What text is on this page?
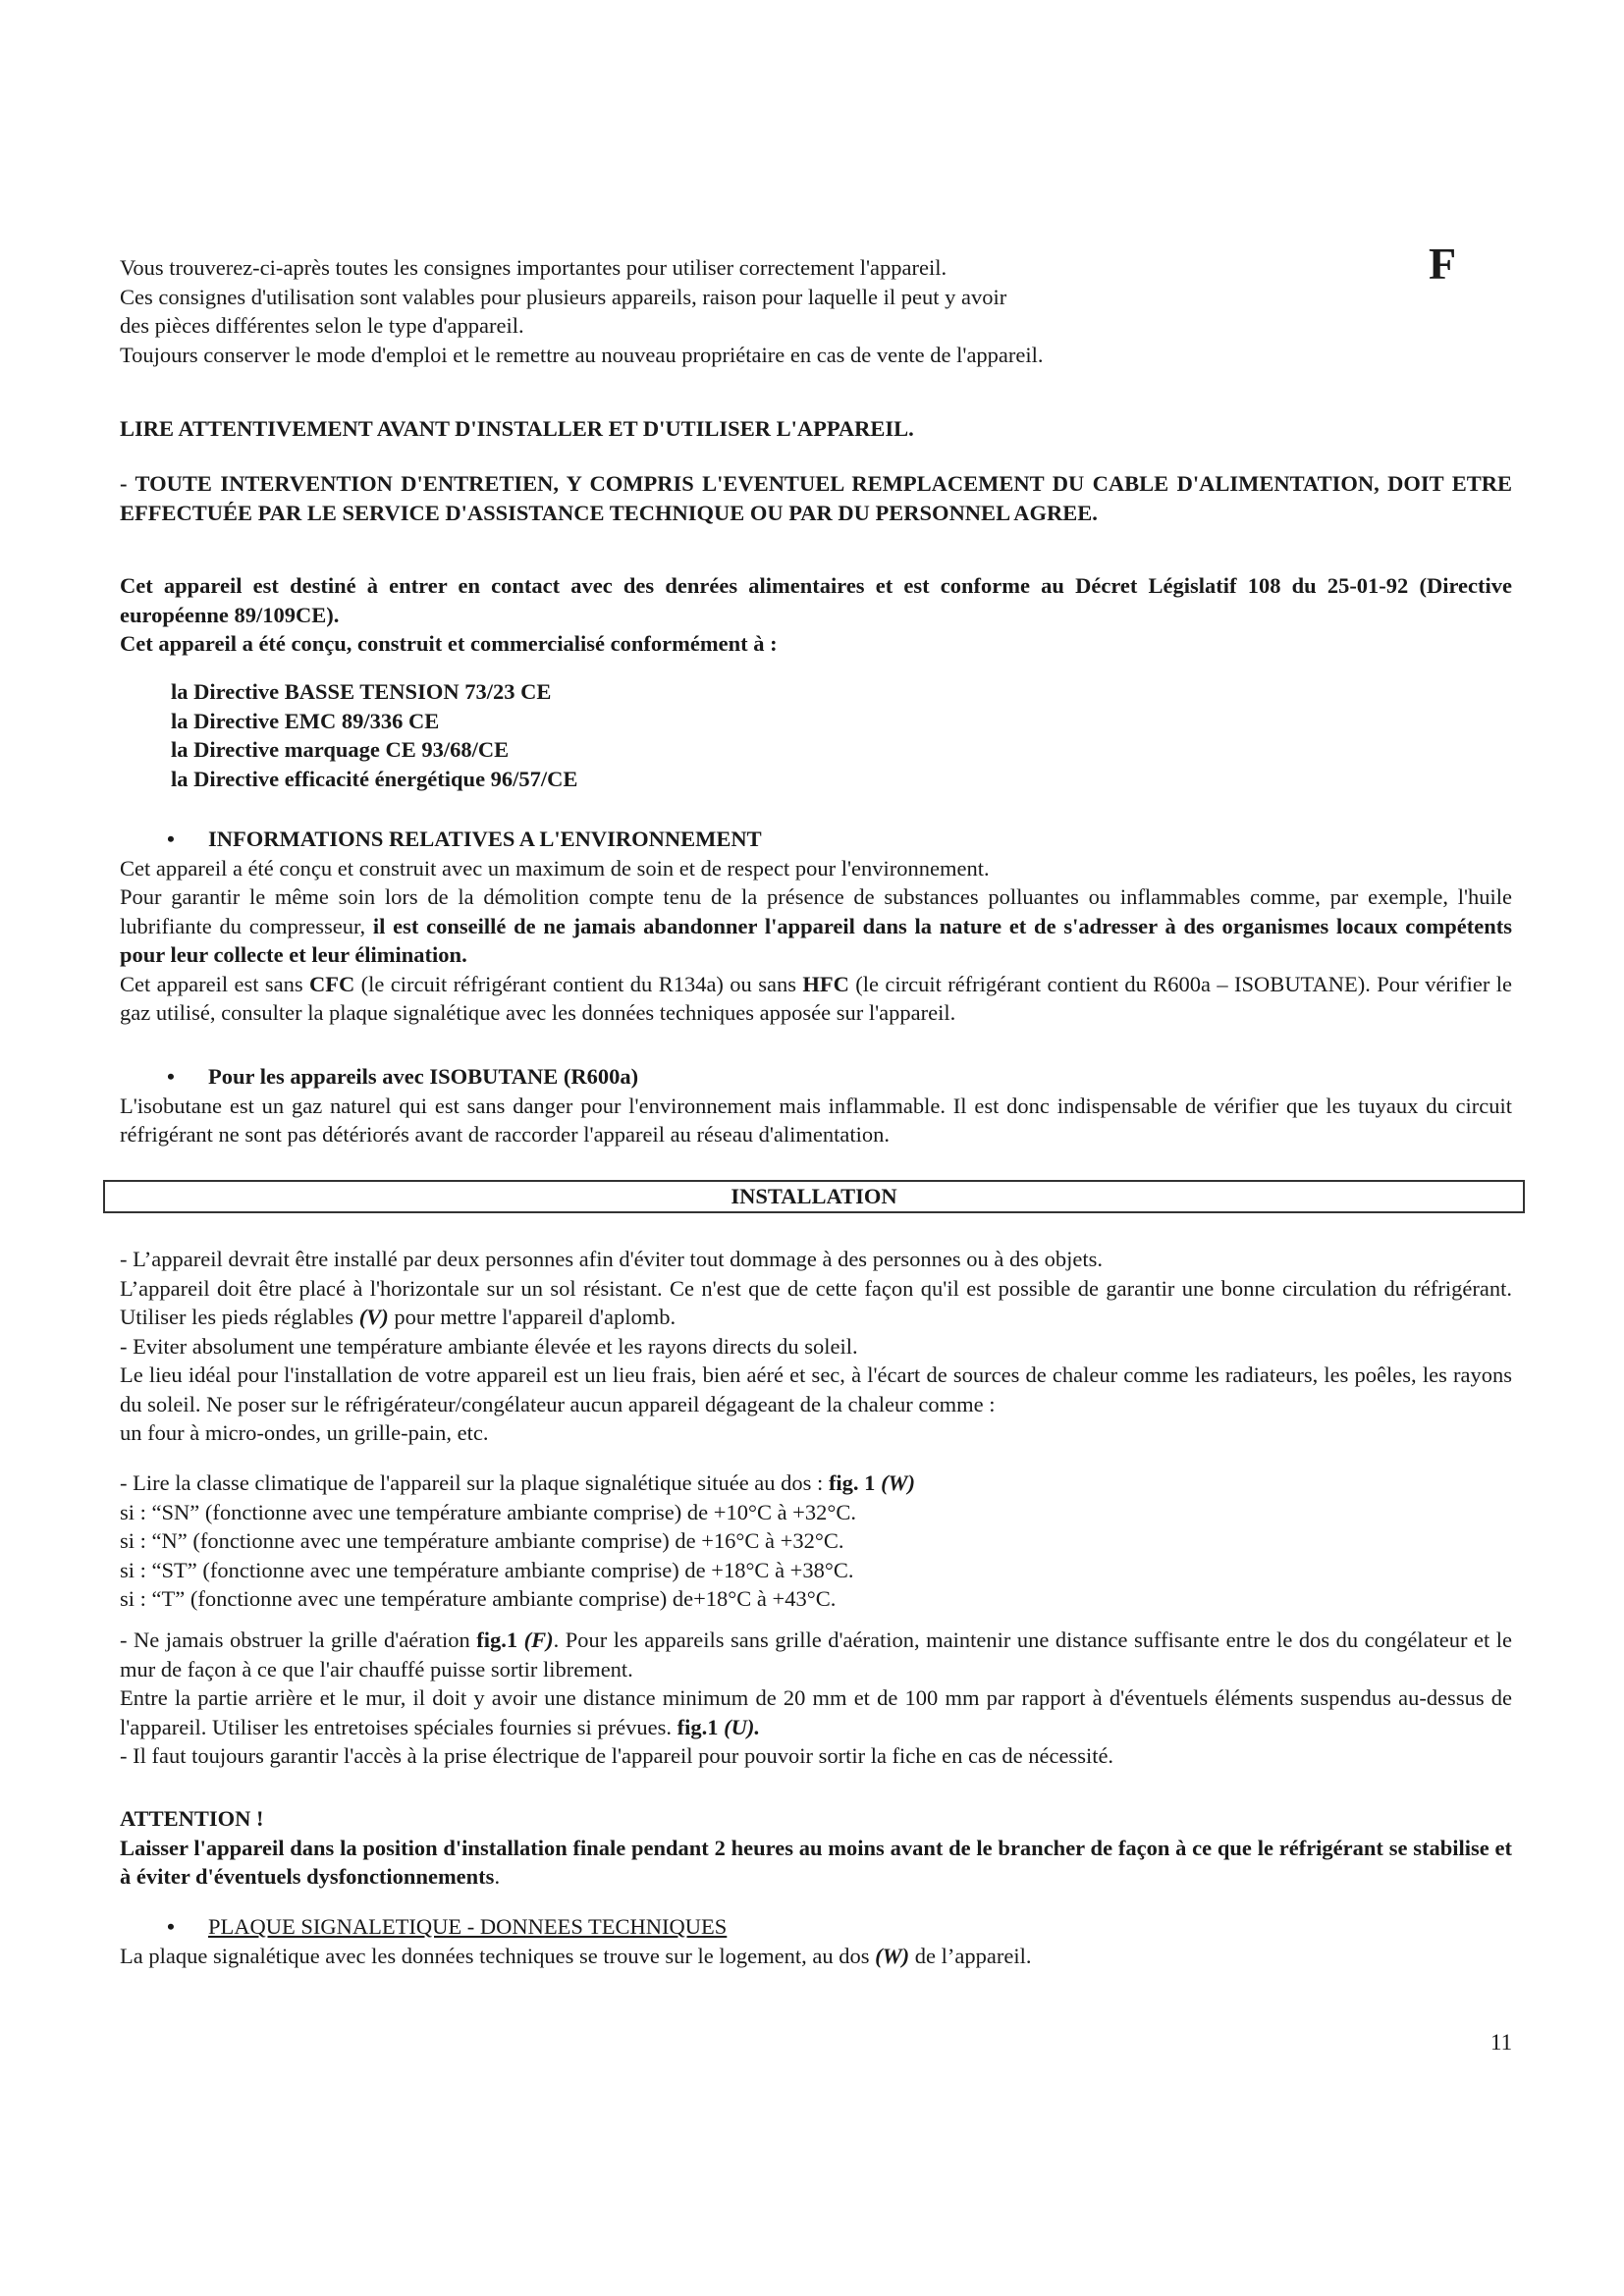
F

Vous trouverez-ci-après toutes les consignes importantes pour utiliser correctement l'appareil.

Ces consignes d'utilisation sont valables pour plusieurs appareils, raison pour laquelle il peut y avoir

des pièces différentes selon le type d'appareil.

Toujours conserver le mode d'emploi et le remettre au nouveau propriétaire en cas de vente de l'appareil.

LIRE ATTENTIVEMENT AVANT D'INSTALLER ET D'UTILISER L'APPAREIL.

- TOUTE INTERVENTION D'ENTRETIEN, Y COMPRIS L'EVENTUEL REMPLACEMENT DU CABLE D'ALIMENTATION, DOIT ETRE EFFECTUÉE PAR LE SERVICE D'ASSISTANCE TECHNIQUE OU PAR DU PERSONNEL AGREE.

Cet appareil est destiné à entrer en contact avec des denrées alimentaires et est conforme au Décret Législatif 108 du 25-01-92 (Directive européenne 89/109CE).

Cet appareil a été conçu, construit et commercialisé conformément à :

la Directive BASSE TENSION 73/23 CE

la Directive EMC 89/336 CE

la Directive marquage CE 93/68/CE

la Directive efficacité énergétique 96/57/CE

•	INFORMATIONS RELATIVES A L'ENVIRONNEMENT

Cet appareil a été conçu et construit avec un maximum de soin et de respect pour l'environnement.

Pour garantir le même soin lors de la démolition compte tenu de la présence de substances polluantes ou inflammables comme, par exemple, l'huile lubrifiante du compresseur, il est conseillé de ne jamais abandonner l'appareil dans la nature et de s'adresser à des organismes locaux compétents pour leur collecte et leur élimination.

Cet appareil est sans CFC (le circuit réfrigérant contient du R134a) ou sans HFC (le circuit réfrigérant contient du R600a – ISOBUTANE). Pour vérifier le gaz utilisé, consulter la plaque signalétique avec les données techniques apposée sur l'appareil.

•	Pour les appareils avec ISOBUTANE (R600a)

L'isobutane est un gaz naturel qui est sans danger pour l'environnement mais inflammable. Il est donc indispensable de vérifier que les tuyaux du circuit réfrigérant ne sont pas détériorés avant de raccorder l'appareil au réseau d'alimentation.

INSTALLATION

- L’appareil devrait être installé par deux personnes afin d'éviter tout dommage à des personnes ou à des objets.

L’appareil doit être placé à l'horizontale sur un sol résistant. Ce n'est que de cette façon qu'il est possible de garantir une bonne circulation du réfrigérant. Utiliser les pieds réglables (V) pour mettre l'appareil d'aplomb.

- Eviter absolument une température ambiante élevée et les rayons directs du soleil.

Le lieu idéal pour l'installation de votre appareil est un lieu frais, bien aéré et sec, à l'écart de sources de chaleur comme les radiateurs, les poêles, les rayons du soleil. Ne poser sur le réfrigérateur/congélateur aucun appareil dégageant de la chaleur comme :

un four à micro-ondes, un grille-pain, etc.

- Lire la classe climatique de l'appareil sur la plaque signalétique située au dos : fig. 1 (W)

si : “SN” (fonctionne avec une température ambiante comprise) de +10°C à +32°C.

si : “N” (fonctionne avec une température ambiante comprise) de +16°C à +32°C.

si : “ST” (fonctionne avec une température ambiante comprise) de +18°C à +38°C.

si : “T” (fonctionne avec une température ambiante comprise) de+18°C à +43°C.

- Ne jamais obstruer la grille d'aération fig.1 (F). Pour les appareils sans grille d'aération, maintenir une distance suffisante entre le dos du congélateur et le mur de façon à ce que l'air chauffé puisse sortir librement.

Entre la partie arrière et le mur, il doit y avoir une distance minimum de 20 mm et de 100 mm par rapport à d'éventuels éléments suspendus au-dessus de l'appareil. Utiliser les entretoises spéciales fournies si prévues. fig.1 (U).

- Il faut toujours garantir l'accès à la prise électrique de l'appareil pour pouvoir sortir la fiche en cas de nécessité.

ATTENTION !

Laisser l'appareil dans la position d'installation finale pendant 2 heures au moins avant de le brancher de façon à ce que le réfrigérant se stabilise et à éviter d'éventuels dysfonctionnements.

•	PLAQUE SIGNALETIQUE - DONNEES TECHNIQUES

La plaque signalétique avec les données techniques se trouve sur le logement, au dos (W) de l’appareil.

11
